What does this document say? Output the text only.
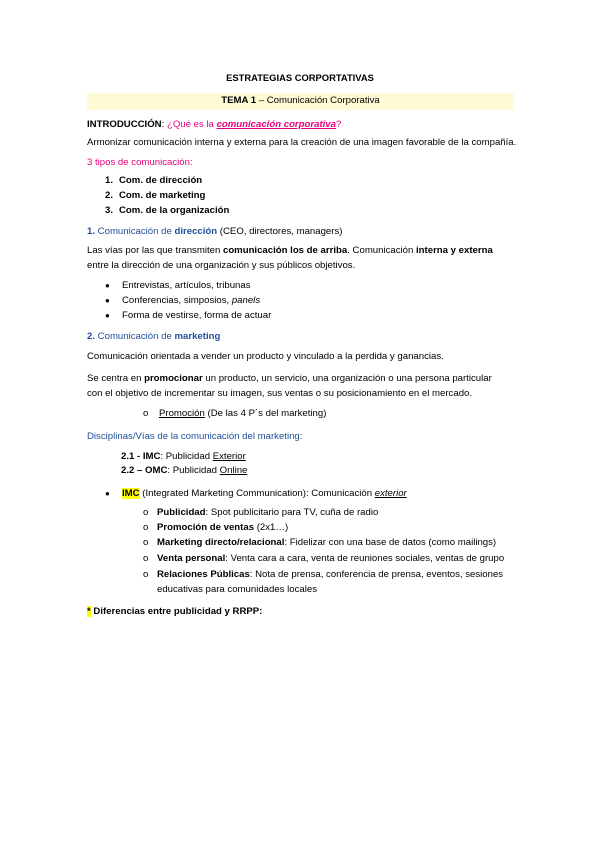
ESTRATEGIAS CORPORTATIVAS
TEMA 1 – Comunicación Corporativa
INTRODUCCIÓN: ¿Qué es la comunicación corporativa?
Armonizar comunicación interna y externa para la creación de una imagen favorable de la compañía.
3 tipos de comunicación:
1. Com. de dirección
2. Com. de marketing
3. Com. de la organización
1. Comunicación de dirección (CEO, directores, managers)
Las vías por las que transmiten comunicación los de arriba. Comunicación interna y externa
entre la dirección de una organización y sus públicos objetivos.
● Entrevistas, artículos, tribunas
● Conferencias, simposios, panels
● Forma de vestirse, forma de actuar
2. Comunicación de marketing
Comunicación orientada a vender un producto y vinculado a la perdida y ganancias.
Se centra en promocionar un producto, un servicio, una organización o una persona particular
con el objetivo de incrementar su imagen, sus ventas o su posicionamiento en el mercado.
o Promoción (De las 4 P´s del marketing)
Disciplinas/Vías de la comunicación del marketing:
2.1 - IMC: Publicidad Exterior
2.2 – OMC: Publicidad Online
● IMC (Integrated Marketing Communication): Comunicación exterior
o Publicidad: Spot publicitario para TV, cuña de radio
o Promoción de ventas (2x1…)
o Marketing directo/relacional: Fidelizar con una base de datos (como mailings)
o Venta personal: Venta cara a cara, venta de reuniones sociales, ventas de grupo
o Relaciones Públicas: Nota de prensa, conferencia de prensa, eventos, sesiones
educativas para comunidades locales
* Diferencias entre publicidad y RRPP:
